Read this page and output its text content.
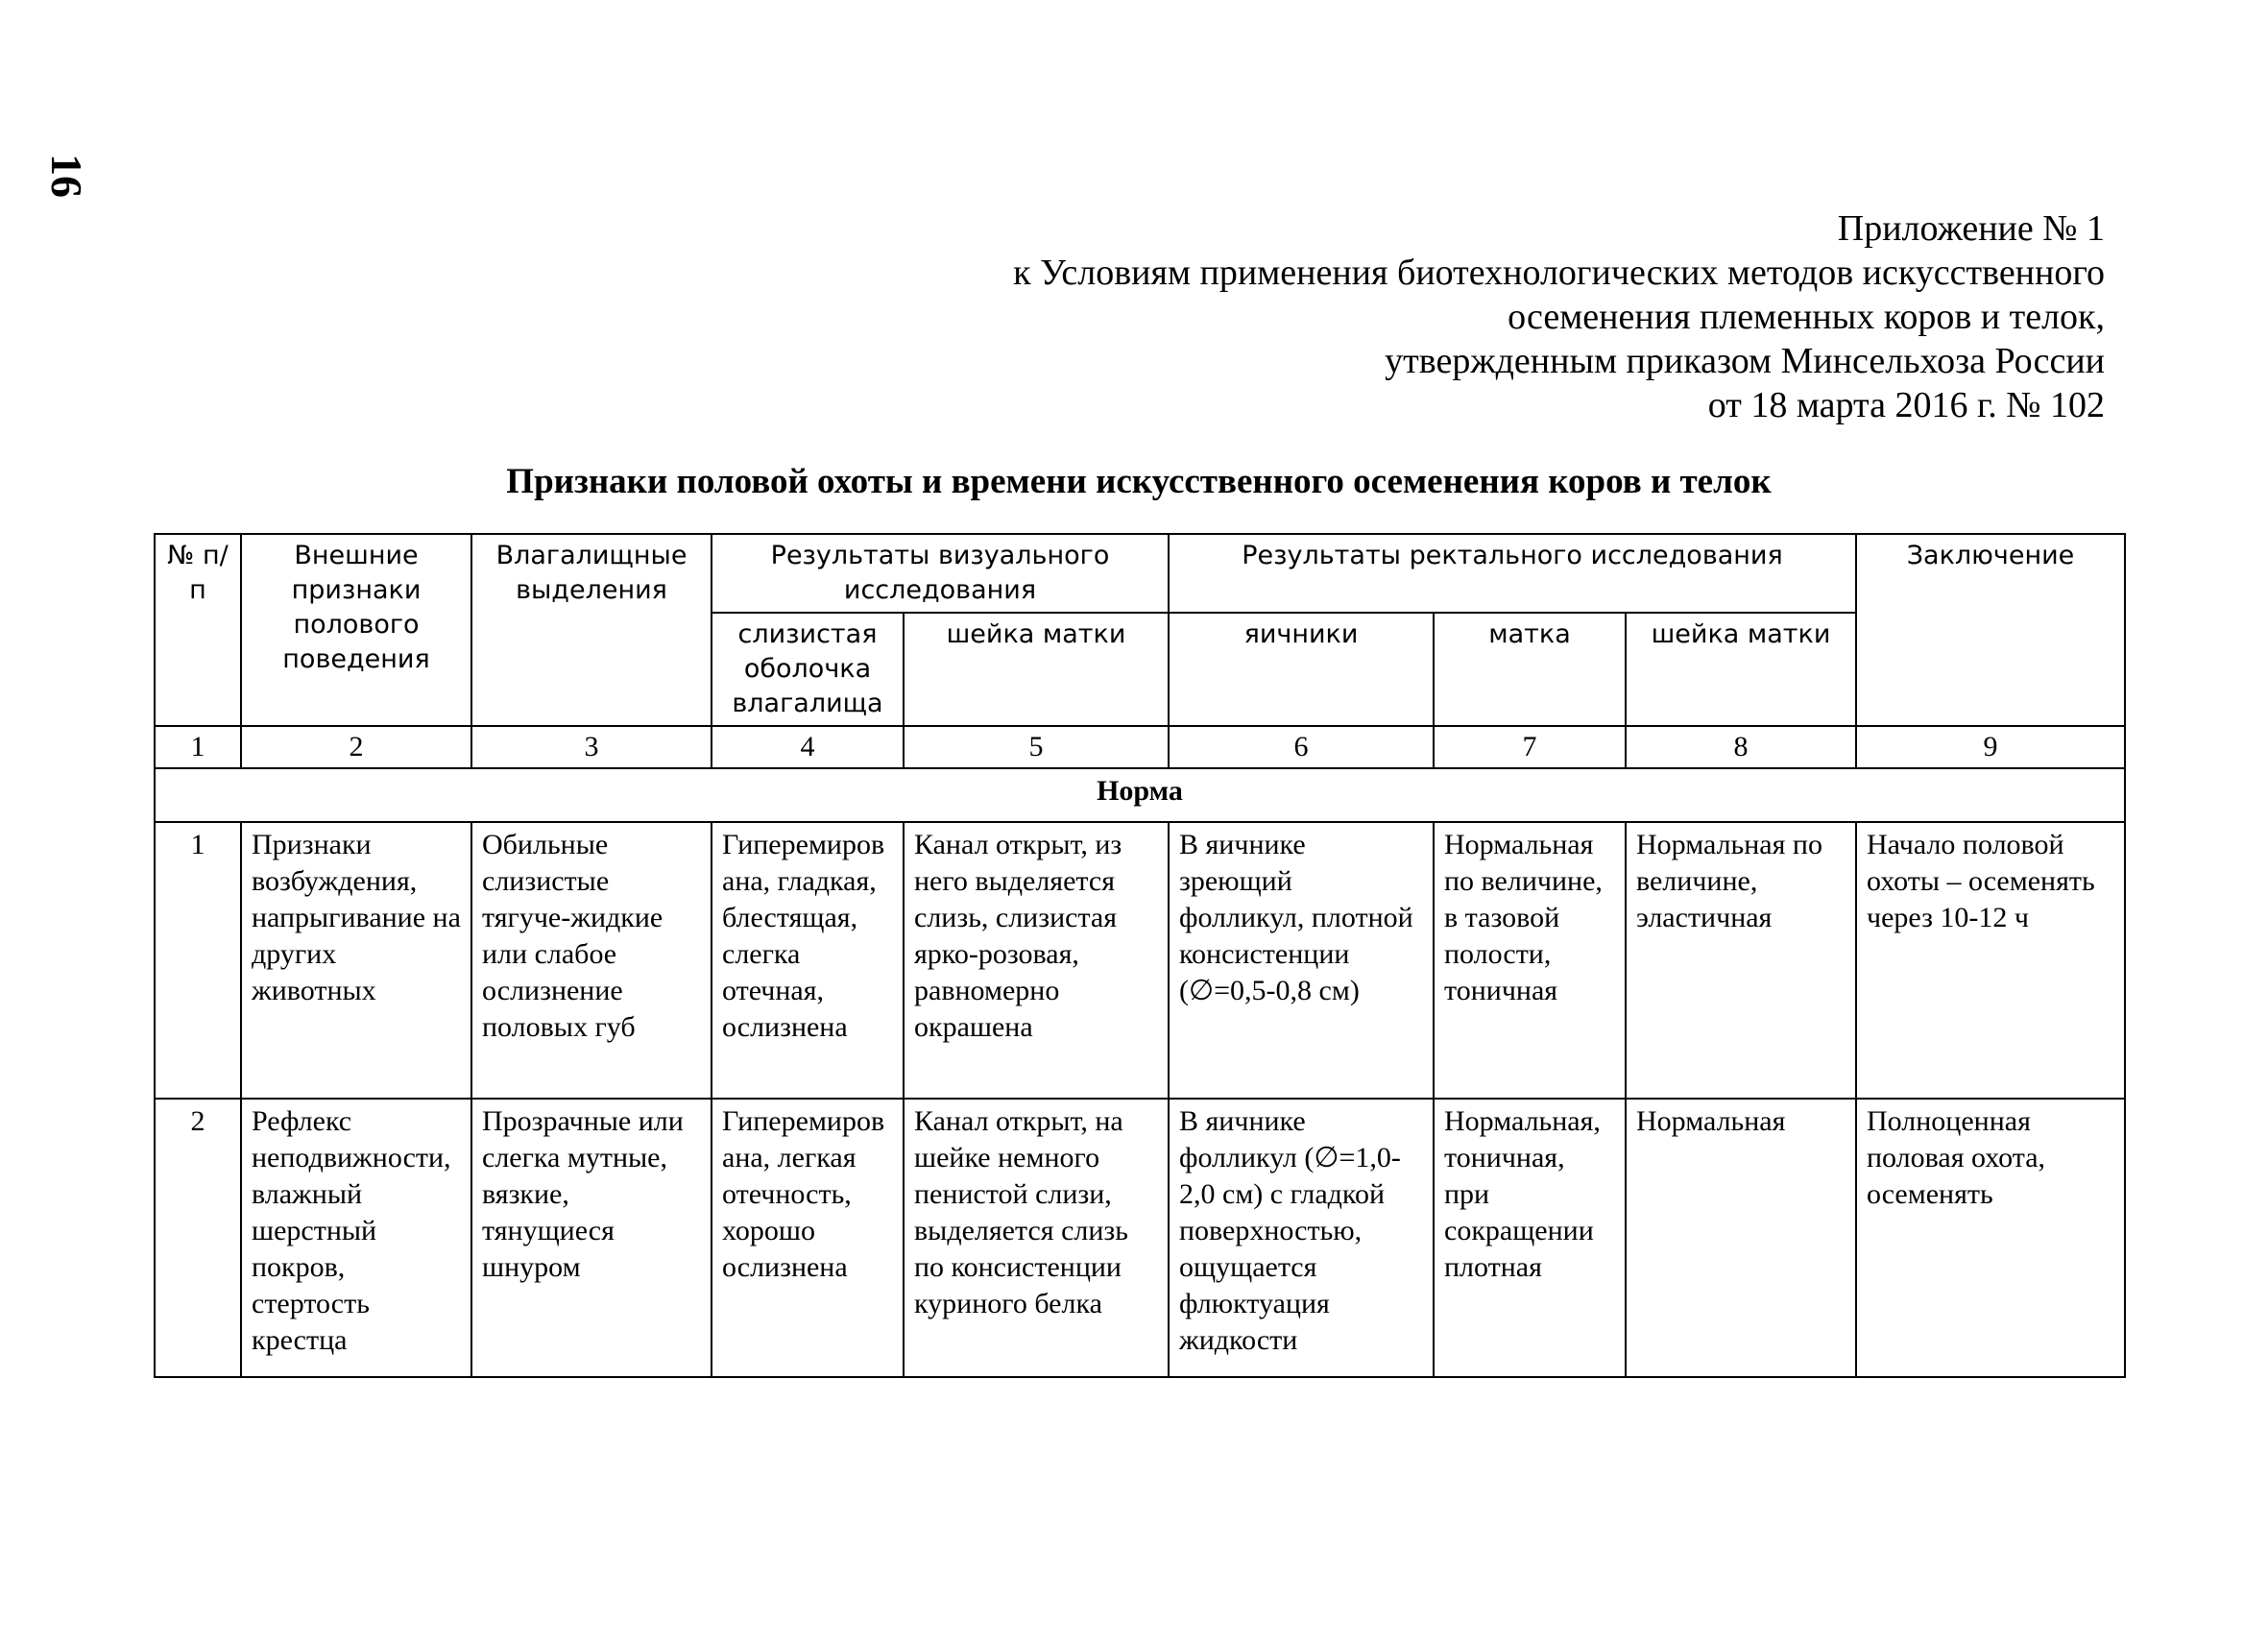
16
Приложение № 1
к Условиям применения биотехнологических методов искусственного
осеменения племенных коров и телок,
утвержденным приказом Минсельхоза России
от 18 марта 2016 г. № 102
Признаки половой охоты и времени искусственного осеменения коров и телок
№ п/п	Внешние признаки полового поведения	Влагалищные выделения	Результаты визуального исследования		Результаты ректального исследования			Заключение
			слизистая оболочка влагалища	шейка матки	яичники	матка	шейка матки	
1	2	3	4	5	6	7	8	9
Норма								
1	Признаки возбуждения, напрыгивание на других животных	Обильные слизистые тягуче-жидкие или слабое ослизнение половых губ	Гиперемирована, гладкая, блестящая, слегка отечная, ослизнена	Канал открыт, из него выделяется слизь, слизистая ярко-розовая, равномерно окрашена	В яичнике зреющий фолликул, плотной консистенции (∅=0,5-0,8 см)	Нормальная по величине, в тазовой полости, тоничная	Нормальная по величине, эластичная	Начало половой охоты – осеменять через 10-12 ч
2	Рефлекс неподвижности, влажный шерстный покров, стертость крестца	Прозрачные или слегка мутные, вязкие, тянущиеся шнуром	Гиперемирована, легкая отечность, хорошо ослизнена	Канал открыт, на шейке немного пенистой слизи, выделяется слизь по консистенции куриного белка	В яичнике фолликул (∅=1,0-2,0 см) с гладкой поверхностью, ощущается флюктуация жидкости	Нормальная, тоничная, при сокращении плотная	Нормальная	Полноценная половая охота, осеменять
